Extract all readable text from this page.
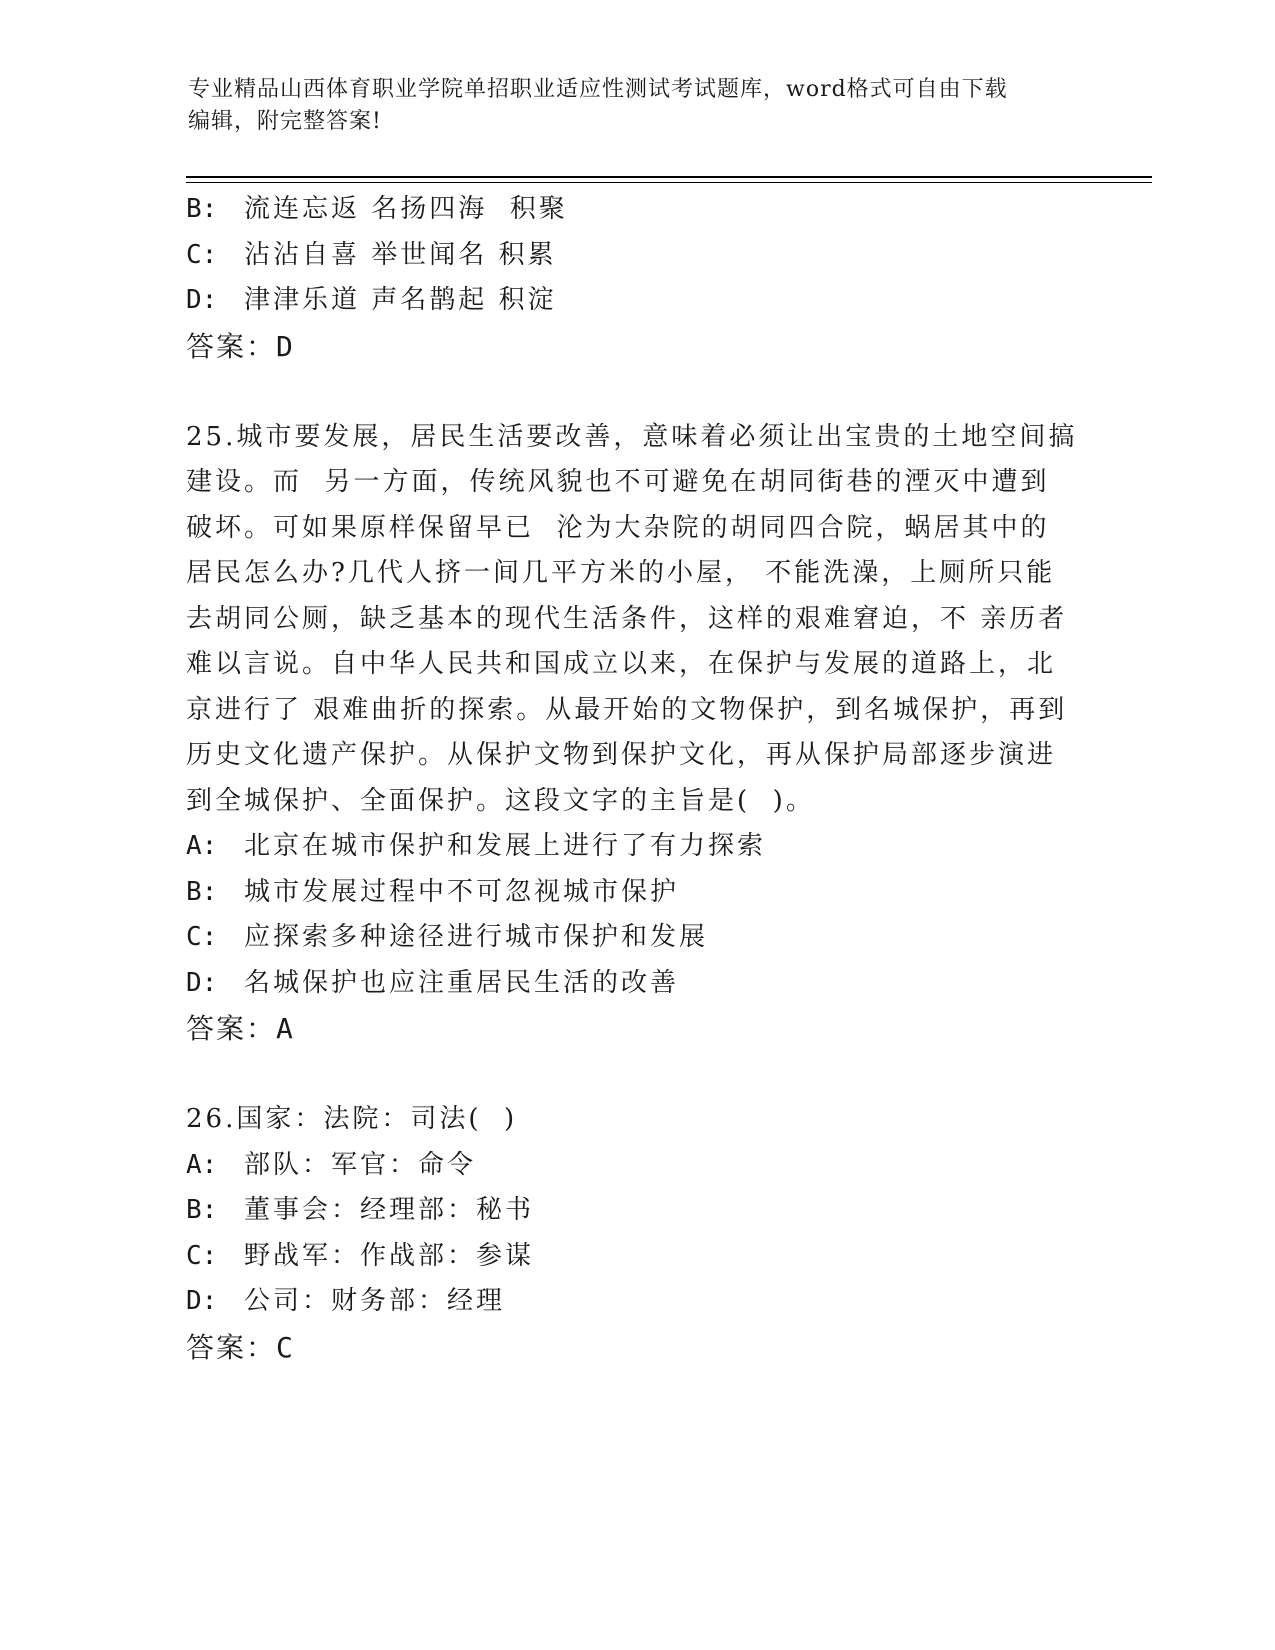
专业精品山西体育职业学院单招职业适应性测试考试题库，word格式可自由下载
编辑，附完整答案!
B:	流连忘返 名扬四海  积聚
C:	沾沾自喜 举世闻名 积累
D:	津津乐道 声名鹊起 积淀
答案：D
25.城市要发展，居民生活要改善，意味着必须让出宝贵的土地空间搞
建设。而  另一方面，传统风貌也不可避免在胡同街巷的湮灭中遭到
破坏。可如果原样保留早已  沦为大杂院的胡同四合院，蜗居其中的
居民怎么办?几代人挤一间几平方米的小屋， 不能洗澡，上厕所只能
去胡同公厕，缺乏基本的现代生活条件，这样的艰难窘迫，不 亲历者
难以言说。自中华人民共和国成立以来，在保护与发展的道路上，北
京进行了 艰难曲折的探索。从最开始的文物保护，到名城保护，再到
历史文化遗产保护。从保护文物到保护文化，再从保护局部逐步演进
到全城保护、全面保护。这段文字的主旨是(  )。
A:	北京在城市保护和发展上进行了有力探索
B:	城市发展过程中不可忽视城市保护
C:	应探索多种途径进行城市保护和发展
D:	名城保护也应注重居民生活的改善
答案：A
26.国家：法院：司法(  )
A:	部队：军官：命令
B:	董事会：经理部：秘书
C:	野战军：作战部：参谋
D:	公司：财务部：经理
答案：C
